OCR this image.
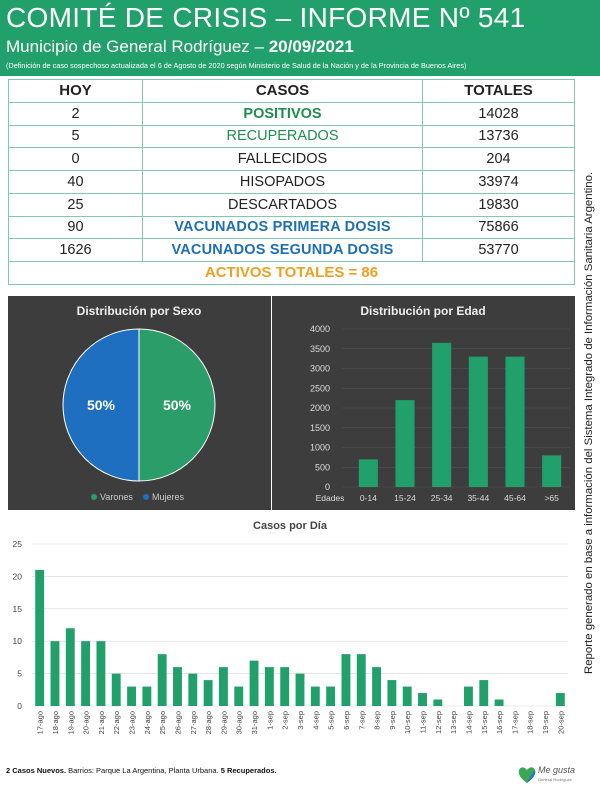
COMITÉ DE CRISIS – INFORME Nº 541
Municipio de General Rodríguez – 20/09/2021
(Definición de caso sospechoso actualizada el 6 de Agosto de 2020 según Ministerio de Salud de la Nación y de la Provincia de Buenos Aires)
HOY	CASOS	TOTALES
2	POSITIVOS	14028
5	RECUPERADOS	13736
0	FALLECIDOS	204
40	HISOPADOS	33974
25	DESCARTADOS	19830
90	VACUNADOS PRIMERA DOSIS	75866
1626	VACUNADOS SEGUNDA DOSIS	53770
ACTIVOS TOTALES = 86			Reporte generado en base a información del Sistema Integrado de Información Sanitaria Argentino.
Distribución por Sexo
50%
50%
Varones Mujeres
Distribución por Edad
0
500
1000
1500
2000
2500
3000
3500
4000
Edades 0-14 15-24 25-34 35-44 45-64 >65
Casos por Día
0
5
10
15
20
25
17-ago 18-ago 19-ago 20-ago 21-ago 22-ago 23-ago 24-ago 25-ago 26-ago 27-ago 28-ago 29-ago 30-ago 31-ago 1-sep 2-sep 3-sep 4-sep 5-sep 6-sep 7-sep 8-sep 9-sep 10-sep 11-sep 12-sep 13-sep 14-sep 15-sep 16-sep 17-sep 18-sep 19-sep 20-sep
2 Casos Nuevos. Barrios: Parque La Argentina, Planta Urbana. 5 Recuperados.	Me gusta
General Rodríguez
